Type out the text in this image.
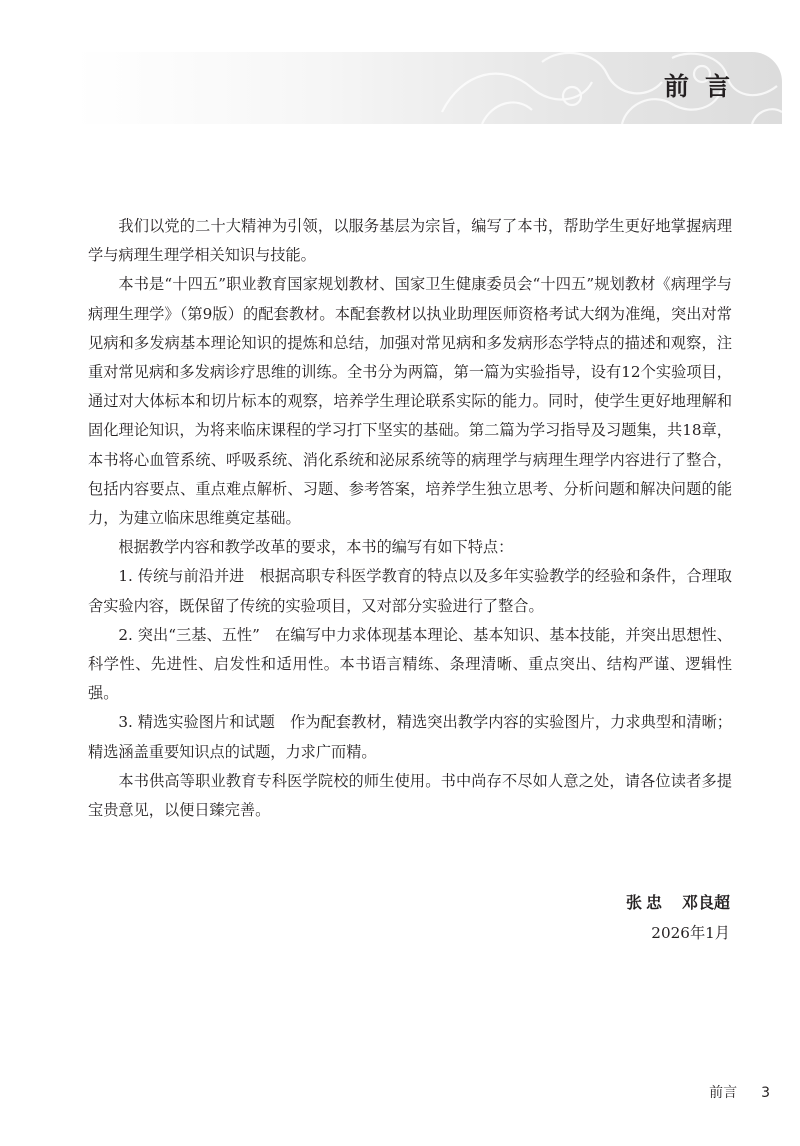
前言

我们以党的二十大精神为引领，以服务基层为宗旨，编写了本书，帮助学生更好地掌握病理学与病理生理学相关知识与技能。

本书是“十四五”职业教育国家规划教材、国家卫生健康委员会“十四五”规划教材《病理学与病理生理学》（第9版）的配套教材。本配套教材以执业助理医师资格考试大纲为准绳，突出对常见病和多发病基本理论知识的提炼和总结，加强对常见病和多发病形态学特点的描述和观察，注重对常见病和多发病诊疗思维的训练。全书分为两篇，第一篇为实验指导，设有12个实验项目，通过对大体标本和切片标本的观察，培养学生理论联系实际的能力。同时，使学生更好地理解和固化理论知识，为将来临床课程的学习打下坚实的基础。第二篇为学习指导及习题集，共18章，本书将心血管系统、呼吸系统、消化系统和泌尿系统等的病理学与病理生理学内容进行了整合，包括内容要点、重点难点解析、习题、参考答案，培养学生独立思考、分析问题和解决问题的能力，为建立临床思维奠定基础。

根据教学内容和教学改革的要求，本书的编写有如下特点：

1. 传统与前沿并进　根据高职专科医学教育的特点以及多年实验教学的经验和条件，合理取舍实验内容，既保留了传统的实验项目，又对部分实验进行了整合。

2. 突出“三基、五性”　在编写中力求体现基本理论、基本知识、基本技能，并突出思想性、科学性、先进性、启发性和适用性。本书语言精练、条理清晰、重点突出、结构严谨、逻辑性强。

3. 精选实验图片和试题　作为配套教材，精选突出教学内容的实验图片，力求典型和清晰；精选涵盖重要知识点的试题，力求广而精。

本书供高等职业教育专科医学院校的师生使用。书中尚存不尽如人意之处，请各位读者多提宝贵意见，以便日臻完善。

张忠 邓良超
2026年1月
前言 3
